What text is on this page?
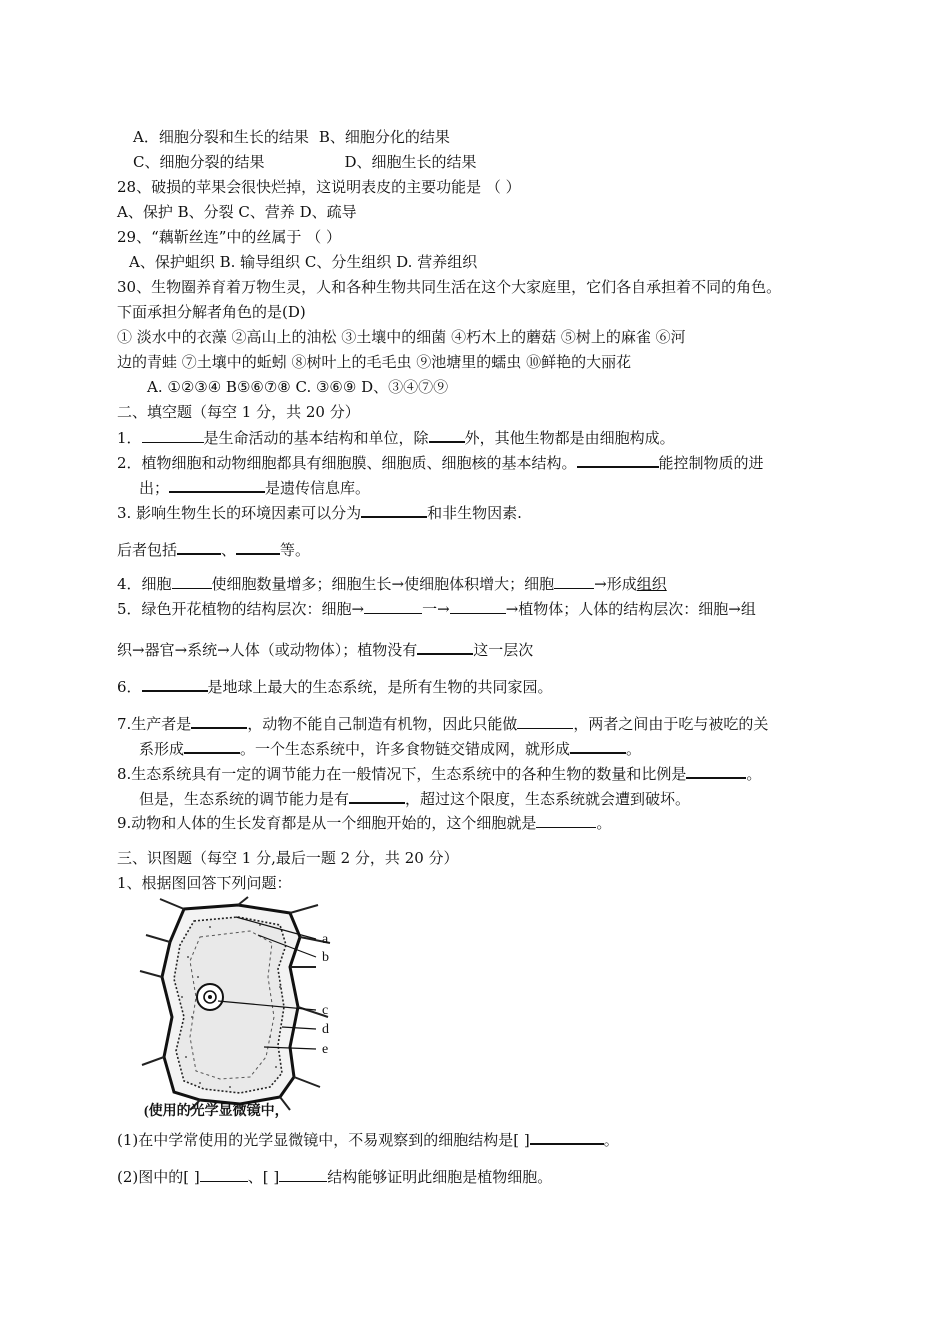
A．细胞分裂和生长的结果 B、细胞分化的结果
C、细胞分裂的结果	D、细胞生长的结果
28、破损的苹果会很快烂掉，这说明表皮的主要功能是 （ ）
A、保护 B、分裂 C、营养 D、疏导
29、“藕靳丝连”中的丝属于 （ ）
A、保护蛆织 B. 输导组织 C、分生组织 D. 营养组织
30、生物圈养育着万物生灵，人和各种生物共同生活在这个大家庭里，它们各自承担着不同的角色。
下面承担分解者角色的是(D)
① 淡水中的衣藻 ②高山上的油松 ③土壤中的细菌 ④朽木上的蘑菇 ⑤树上的麻雀 ⑥河
边的青蛙 ⑦土壤中的蚯蚓 ⑧树叶上的毛毛虫 ⑨池塘里的蠕虫 ⑩鲜艳的大丽花
A. ①②③④ B⑤⑥⑦⑧ C. ③⑥⑨ D、③④⑦⑨
二、填空题（每空 1 分，共 20 分）
1．	是生命活动的基本结构和单位，除 外，其他生物都是由细胞构成。
2．植物细胞和动物细胞都具有细胞膜、细胞质、细胞核的基本结构。	能控制物质的进
出；	是遗传信息库。
3. 影响生物生长的环境因素可以分为	和非生物因素.
后者包括	、	等。
4．细胞	使细胞数量增多；细胞生长→使细胞体积增大；细胞	→形成组织
5．绿色开花植物的结构层次：细胞→	一→	→植物体；人体的结构层次：细胞→组
织→器官→系统→人体（或动物体）；植物没有	这一层次
6．	是地球上最大的生态系统，是所有生物的共同家园。
7.生产者是	，动物不能自己制造有机物，因此只能做	，两者之间由于吃与被吃的关
系形成	。一个生态系统中，许多食物链交错成网，就形成	。
8.生态系统具有一定的调节能力在一般情况下，生态系统中的各种生物的数量和比例是	。
但是，生态系统的调节能力是有	，超过这个限度，生态系统就会遭到破坏。
9.动物和人体的生长发育都是从一个细胞开始的，这个细胞就是	。
三、识图题（每空 1 分,最后一题 2 分，共 20 分）
1、根据图回答下列问题：
a
b
c
d
e
(使用的光学显微镜中，
(1)在中学常使用的光学显微镜中，不易观察到的细胞结构是[ ]	。
(2)图中的[ ]	、[ ]	结构能够证明此细胞是植物细胞。
